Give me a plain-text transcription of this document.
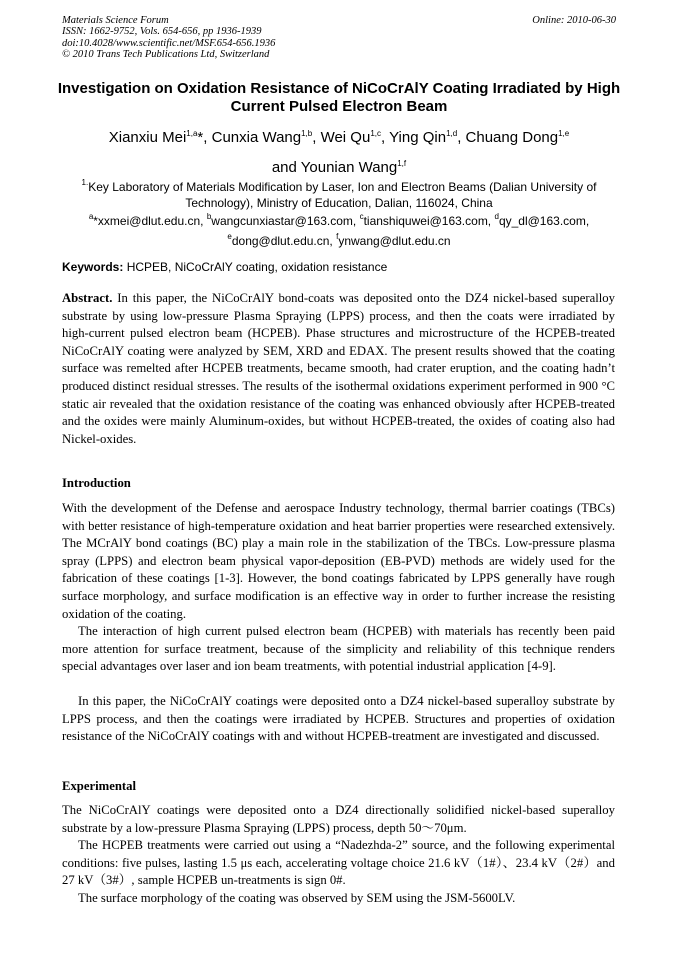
Materials Science Forum
ISSN: 1662-9752, Vols. 654-656, pp 1936-1939
doi:10.4028/www.scientific.net/MSF.654-656.1936
© 2010 Trans Tech Publications Ltd, Switzerland
Online: 2010-06-30
Investigation on Oxidation Resistance of NiCoCrAlY Coating Irradiated by High Current Pulsed Electron Beam
Xianxiu Mei$^{1,a}$*, Cunxia Wang$^{1,b}$, Wei Qu$^{1,c}$, Ying Qin$^{1,d}$, Chuang Dong$^{1,e}$
and Younian Wang$^{1,f}$
$^{1.}$Key Laboratory of Materials Modification by Laser, Ion and Electron Beams (Dalian University of Technology), Ministry of Education, Dalian, 116024, China
$^a$*xxmei@dlut.edu.cn, $^b$wangcunxiastar@163.com, $^c$tianshiquwei@163.com, $^d$qy_dl@163.com,
$^e$dong@dlut.edu.cn, $^f$ynwang@dlut.edu.cn
Keywords: HCPEB, NiCoCrAlY coating, oxidation resistance
Abstract. In this paper, the NiCoCrAlY bond-coats was deposited onto the DZ4 nickel-based superalloy substrate by using low-pressure Plasma Spraying (LPPS) process, and then the coats were irradiated by high-current pulsed electron beam (HCPEB). Phase structures and microstructure of the HCPEB-treated NiCoCrAlY coating were analyzed by SEM, XRD and EDAX. The present results showed that the coating surface was remelted after HCPEB treatments, became smooth, had crater eruption, and the coating hadn’t produced distinct residual stresses. The results of the isothermal oxidations experiment performed in 900 °C static air revealed that the oxidation resistance of the coating was enhanced obviously after HCPEB-treated and the oxides were mainly Aluminum-oxides, but without HCPEB-treated, the oxides of coating also had Nickel-oxides.
Introduction
With the development of the Defense and aerospace Industry technology, thermal barrier coatings (TBCs) with better resistance of high-temperature oxidation and heat barrier properties were researched extensively. The MCrAlY bond coatings (BC) play a main role in the stabilization of the TBCs. Low-pressure plasma spray (LPPS) and electron beam physical vapor-deposition (EB-PVD) methods are widely used for the fabrication of these coatings [1-3]. However, the bond coatings fabricated by LPPS generally have rough surface morphology, and surface modification is an effective way in order to further increase the resisting oxidation of the coating.
The interaction of high current pulsed electron beam (HCPEB) with materials has recently been paid more attention for surface treatment, because of the simplicity and reliability of this technique renders special advantages over laser and ion beam treatments, with potential industrial application [4-9].
In this paper, the NiCoCrAlY coatings were deposited onto a DZ4 nickel-based superalloy substrate by LPPS process, and then the coatings were irradiated by HCPEB. Structures and properties of oxidation resistance of the NiCoCrAlY coatings with and without HCPEB-treatment are investigated and discussed.
Experimental
The NiCoCrAlY coatings were deposited onto a DZ4 directionally solidified nickel-based superalloy substrate by a low-pressure Plasma Spraying (LPPS) process, depth 50～70μm.
The HCPEB treatments were carried out using a “Nadezhda-2” source, and the following experimental conditions: five pulses, lasting 1.5 μs each, accelerating voltage choice 21.6 kV（1#）、23.4 kV（2#）and 27 kV（3#）, sample HCPEB un-treatments is sign 0#.
The surface morphology of the coating was observed by SEM using the JSM-5600LV.
